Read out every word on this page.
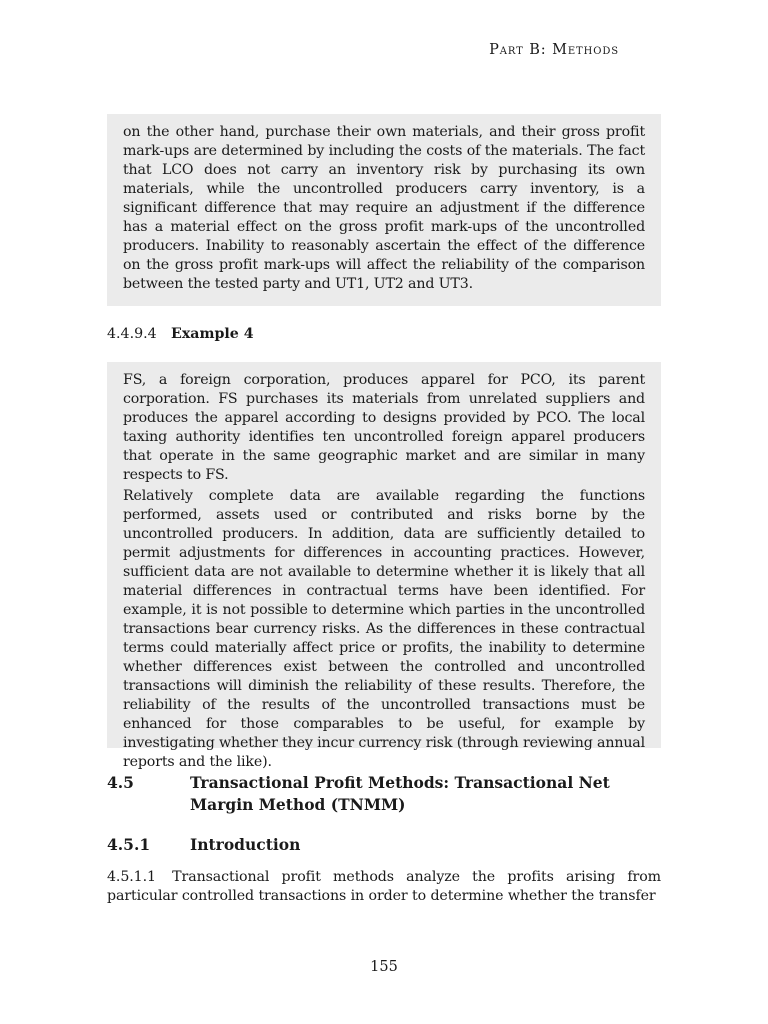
Part B: Methods

on the other hand, purchase their own materials, and their gross profit mark-ups are determined by including the costs of the materials. The fact that LCO does not carry an inventory risk by purchasing its own materials, while the uncontrolled producers carry inventory, is a significant difference that may require an adjustment if the difference has a material effect on the gross profit mark-ups of the uncontrolled producers. Inability to reasonably ascertain the effect of the difference on the gross profit mark-ups will affect the reliability of the comparison between the tested party and UT1, UT2 and UT3.

4.4.9.4 Example 4

FS, a foreign corporation, produces apparel for PCO, its parent corporation. FS purchases its materials from unrelated suppliers and produces the apparel according to designs provided by PCO. The local taxing authority identifies ten uncontrolled foreign apparel producers that operate in the same geographic market and are similar in many respects to FS.

Relatively complete data are available regarding the functions performed, assets used or contributed and risks borne by the uncontrolled producers. In addition, data are sufficiently detailed to permit adjustments for differences in accounting practices. However, sufficient data are not available to determine whether it is likely that all material differences in contractual terms have been identified. For example, it is not possible to determine which parties in the uncontrolled transactions bear currency risks. As the differences in these contractual terms could materially affect price or profits, the inability to determine whether differences exist between the controlled and uncontrolled transactions will diminish the reliability of these results. Therefore, the reliability of the results of the uncontrolled transactions must be enhanced for those comparables to be useful, for example by investigating whether they incur currency risk (through reviewing annual reports and the like).

4.5	Transactional Profit Methods: Transactional Net Margin Method (TNMM)
4.5.1	Introduction

4.5.1.1 Transactional profit methods analyze the profits arising from particular controlled transactions in order to determine whether the transfer

155
